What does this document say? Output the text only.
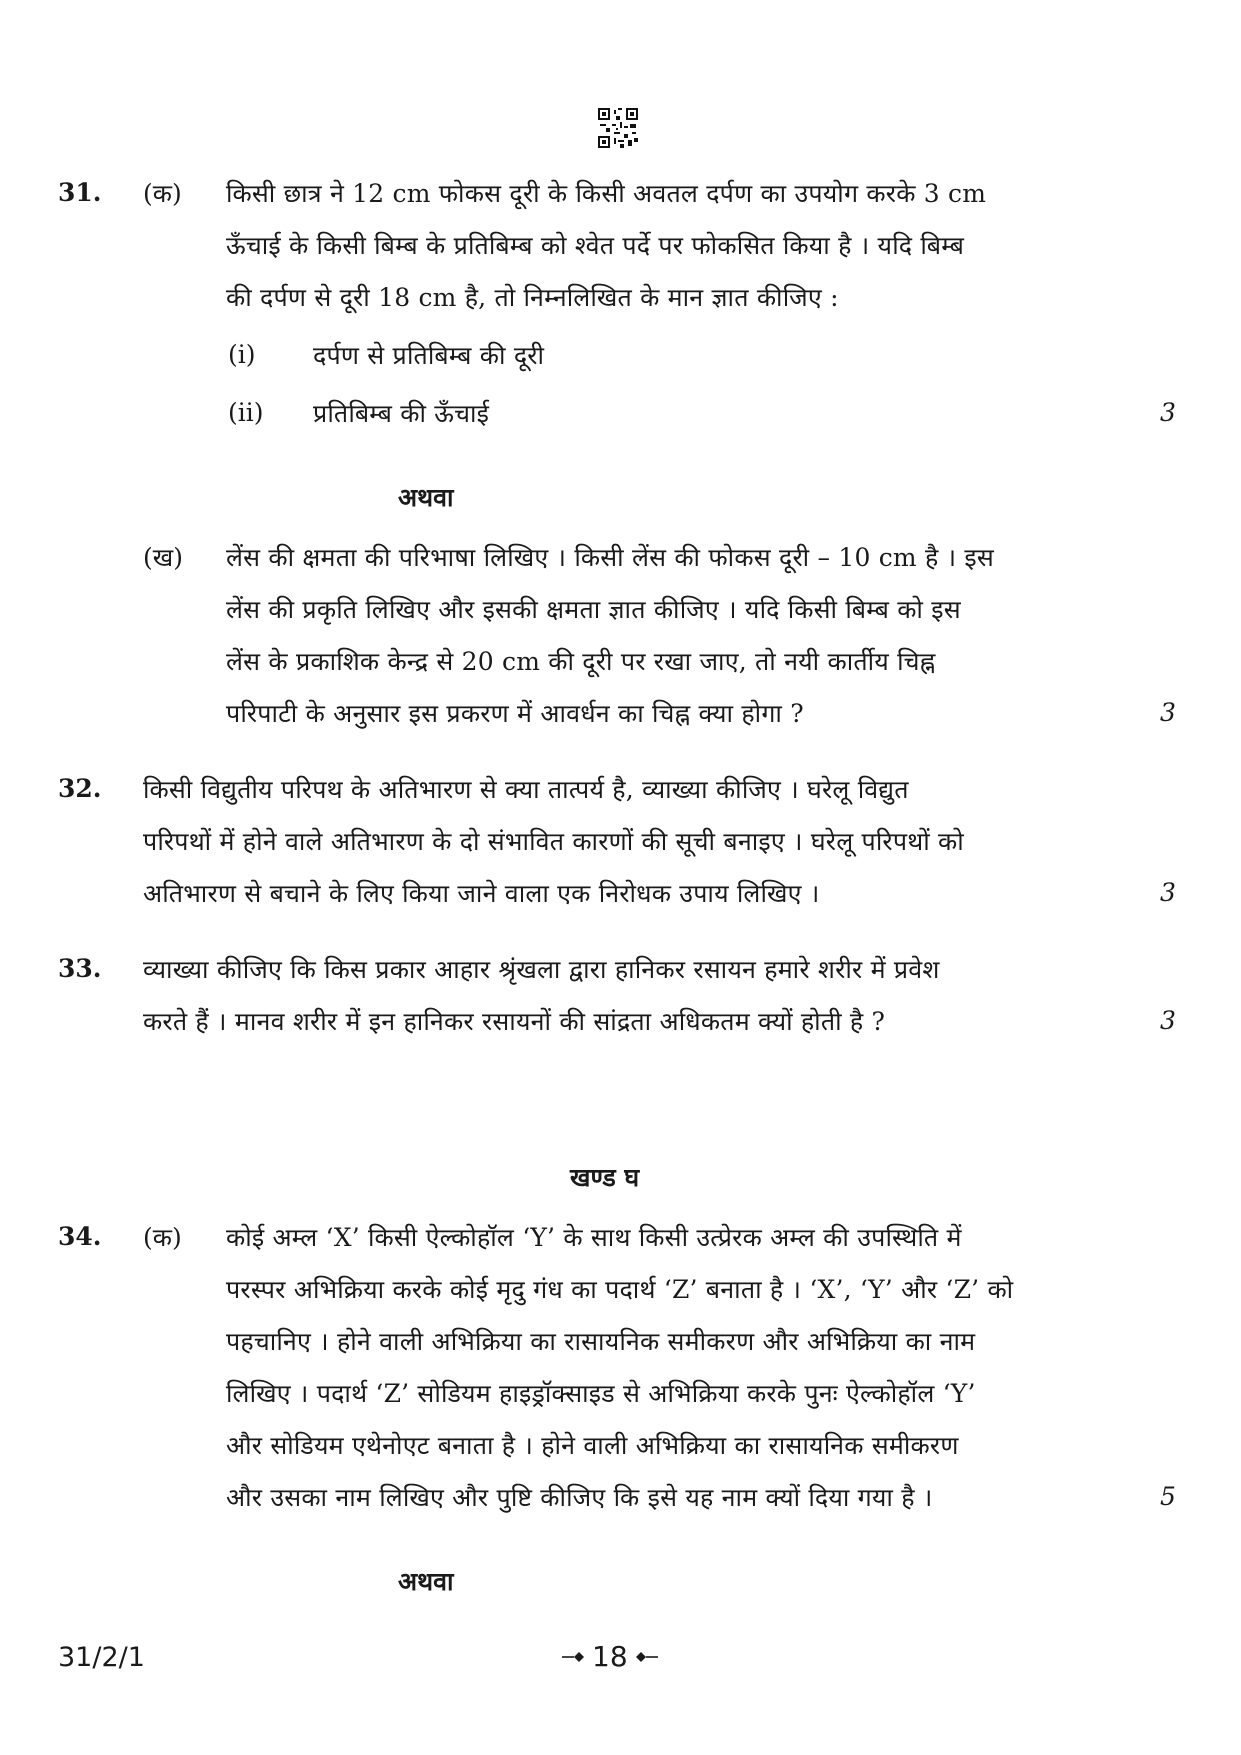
31. (क) किसी छात्र ने 12 cm फोकस दूरी के किसी अवतल दर्पण का उपयोग करके 3 cm
ऊँचाई के किसी बिम्ब के प्रतिबिम्ब को श्वेत पर्दे पर फोकसित किया है । यदि बिम्ब
की दर्पण से दूरी 18 cm है, तो निम्नलिखित के मान ज्ञात कीजिए :
(i) दर्पण से प्रतिबिम्ब की दूरी
(ii) प्रतिबिम्ब की ऊँचाई	3
अथवा
(ख) लेंस की क्षमता की परिभाषा लिखिए । किसी लेंस की फोकस दूरी – 10 cm है । इस
लेंस की प्रकृति लिखिए और इसकी क्षमता ज्ञात कीजिए । यदि किसी बिम्ब को इस
लेंस के प्रकाशिक केन्द्र से 20 cm की दूरी पर रखा जाए, तो नयी कार्तीय चिह्न
परिपाटी के अनुसार इस प्रकरण में आवर्धन का चिह्न क्या होगा ?	3
32. किसी विद्युतीय परिपथ के अतिभारण से क्या तात्पर्य है, व्याख्या कीजिए । घरेलू विद्युत
परिपथों में होने वाले अतिभारण के दो संभावित कारणों की सूची बनाइए । घरेलू परिपथों को
अतिभारण से बचाने के लिए किया जाने वाला एक निरोधक उपाय लिखिए ।	3
33. व्याख्या कीजिए कि किस प्रकार आहार श्रृंखला द्वारा हानिकर रसायन हमारे शरीर में प्रवेश
करते हैं । मानव शरीर में इन हानिकर रसायनों की सांद्रता अधिकतम क्यों होती है ?	3
खण्ड घ
34. (क) कोई अम्ल ‘X’ किसी ऐल्कोहॉल ‘Y’ के साथ किसी उत्प्रेरक अम्ल की उपस्थिति में
परस्पर अभिक्रिया करके कोई मृदु गंध का पदार्थ ‘Z’ बनाता है । ‘X’, ‘Y’ और ‘Z’ को
पहचानिए । होने वाली अभिक्रिया का रासायनिक समीकरण और अभिक्रिया का नाम
लिखिए । पदार्थ ‘Z’ सोडियम हाइड्रॉक्साइड से अभिक्रिया करके पुनः ऐल्कोहॉल ‘Y’
और सोडियम एथेनोएट बनाता है । होने वाली अभिक्रिया का रासायनिक समीकरण
और उसका नाम लिखिए और पुष्टि कीजिए कि इसे यह नाम क्यों दिया गया है ।	5
अथवा
31/2/1	18
